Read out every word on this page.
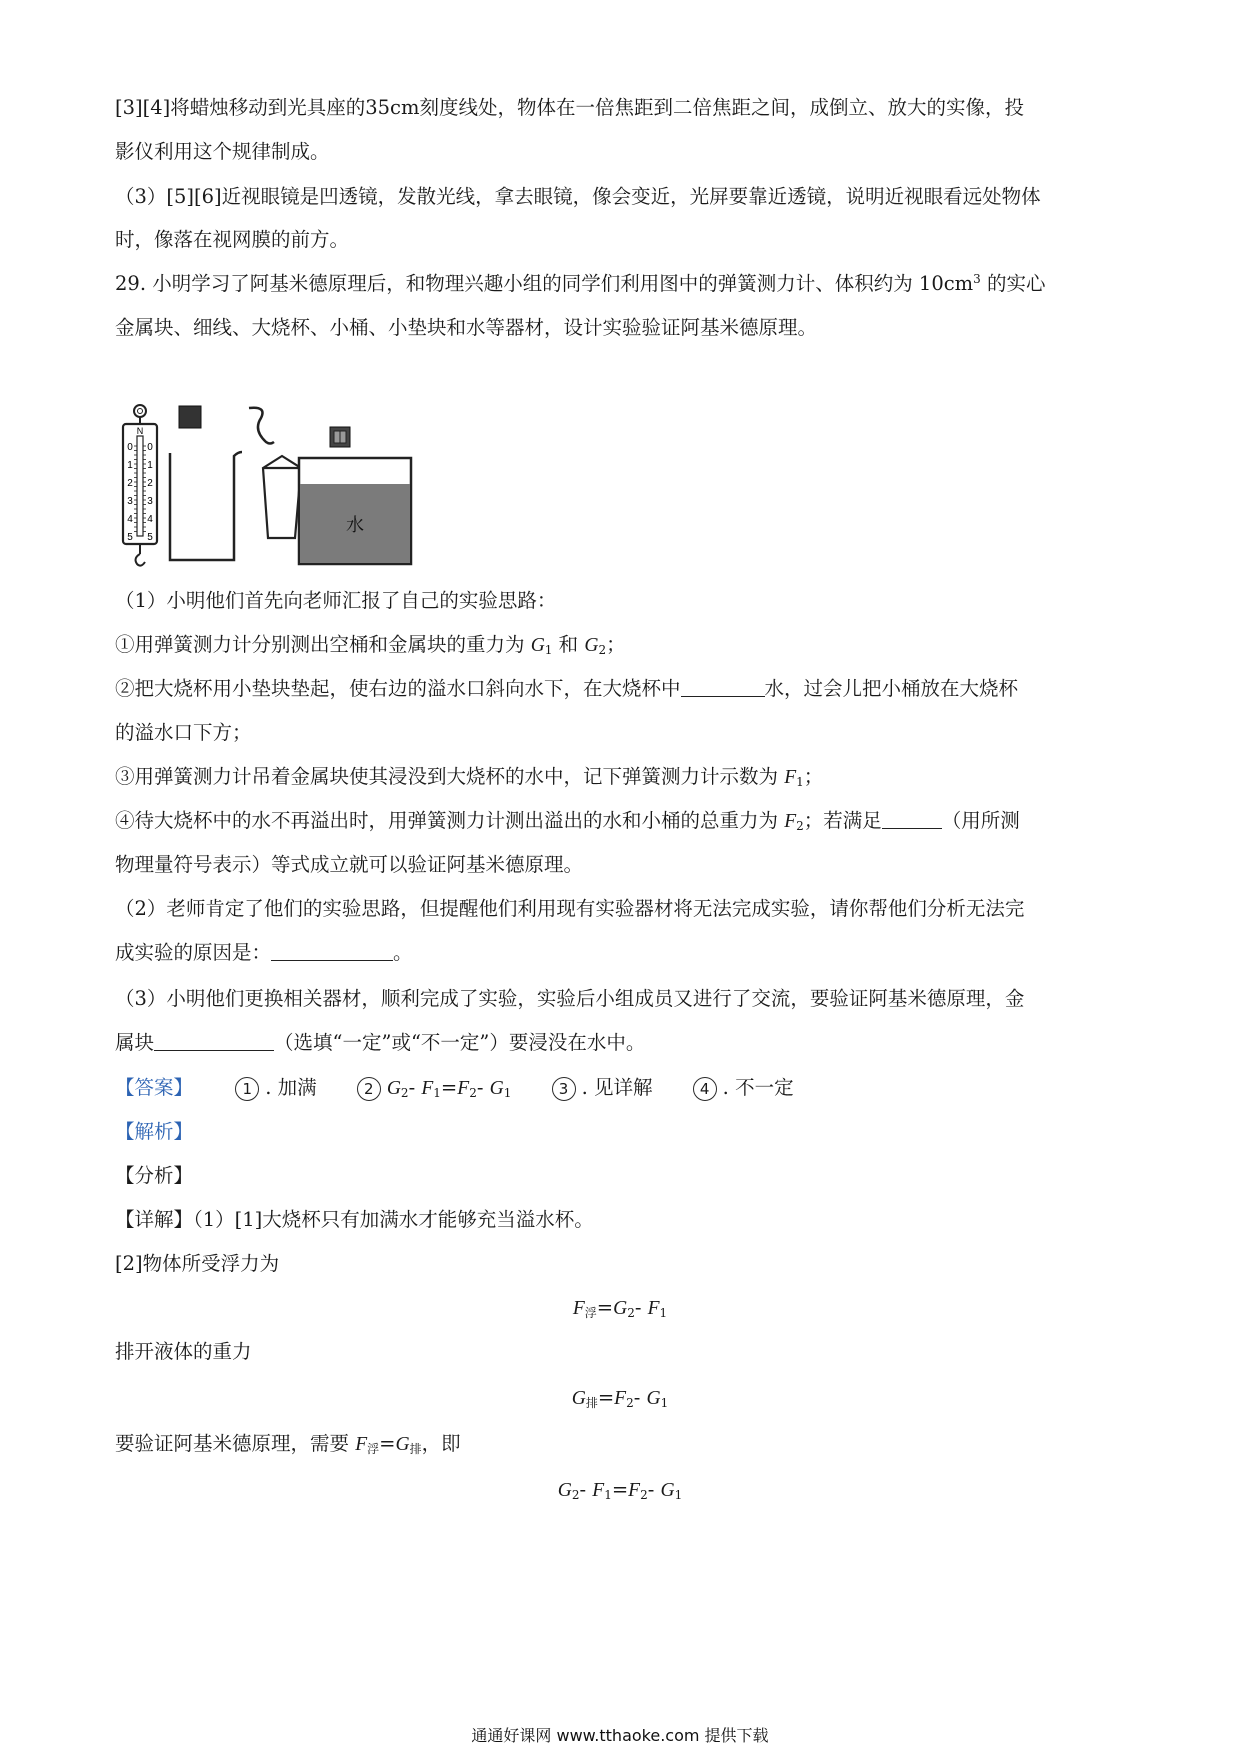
[3][4]将蜡烛移动到光具座的35cm刻度线处，物体在一倍焦距到二倍焦距之间，成倒立、放大的实像，投
影仪利用这个规律制成。
（3）[5][6]近视眼镜是凹透镜，发散光线，拿去眼镜，像会变近，光屏要靠近透镜，说明近视眼看远处物体
时，像落在视网膜的前方。
29. 小明学习了阿基米德原理后，和物理兴趣小组的同学们利用图中的弹簧测力计、体积约为 $10cm^3$ 的实心
金属块、细线、大烧杯、小桶、小垫块和水等器材，设计实验验证阿基米德原理。
N
0
1
2
3
4
5
0
1
2
3
4
5
水
（1）小明他们首先向老师汇报了自己的实验思路：
①用弹簧测力计分别测出空桶和金属块的重力为 $G_1$ 和 $G_2$；
②把大烧杯用小垫块垫起，使右边的溢水口斜向水下，在大烧杯中	水，过会儿把小桶放在大烧杯
的溢水口下方；
③用弹簧测力计吊着金属块使其浸没到大烧杯的水中，记下弹簧测力计示数为 $F_1$；
④待大烧杯中的水不再溢出时，用弹簧测力计测出溢出的水和小桶的总重力为 $F_2$；若满足	（用所测
物理量符号表示）等式成立就可以验证阿基米德原理。
（2）老师肯定了他们的实验思路，但提醒他们利用现有实验器材将无法完成实验，请你帮他们分析无法完
成实验的原因是：	。
（3）小明他们更换相关器材，顺利完成了实验，实验后小组成员又进行了交流，要验证阿基米德原理，金
属块	（选填“一定”或“不一定”）要浸没在水中。
【答案】	1 . 加满	2 $G_2-$ $F_1=F_2-$ $G_1$	3 . 见详解	4 . 不一定
【解析】
【分析】
【详解】（1）[1]大烧杯只有加满水才能够充当溢水杯。
[2]物体所受浮力为
$F_浮=G_2-$ $F_1$
排开液体的重力
$G_排=F_2-$ $G_1$
要验证阿基米德原理，需要 $F_浮=G_排$，即
$G_2-$ $F_1=F_2-$ $G_1$
通通好课网 www.tthaoke.com 提供下载
